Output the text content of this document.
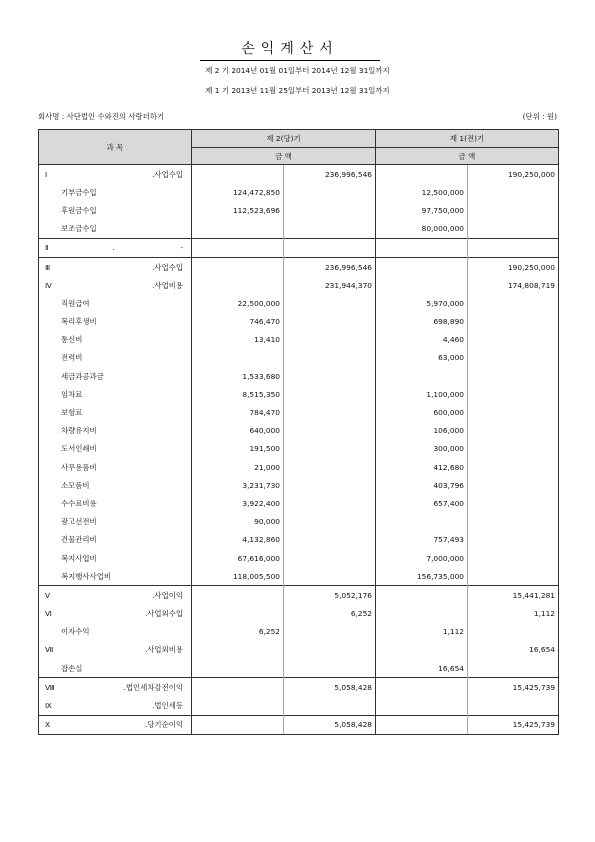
손익계산서
제 2 기 2014년 01월 01일부터 2014년 12월 31일까지
제 1 기 2013년 11월 25일부터 2013년 12월 31일까지
회사명 : 사단법인 수와진의 사랑더하기	(단위 : 원)
과 목	제 2(당)기		제 1(전)기	
	금 액		금 액	
Ⅰ.사업수입		236,996,546		190,250,000
기부금수입	124,472,850		12,500,000	
후원금수입	112,523,696		97,750,000	
보조금수입			80,000,000	
Ⅱ. -				
Ⅲ.사업수입		236,996,546		190,250,000
Ⅳ.사업비용		231,944,370		174,808,719
직원급여	22,500,000		5,970,000	
복리후생비	746,470		698,890	
통신비	13,410		4,460	
전력비			63,000	
세금과공과금	1,533,680			
임차료	8,515,350		1,100,000	
보험료	784,470		600,000	
차량유지비	640,000		106,000	
도서인쇄비	191,500		300,000	
사무용품비	21,000		412,680	
소모품비	3,231,730		403,796	
수수료비용	3,922,400		657,400	
광고선전비	90,000			
건물관리비	4,132,860		757,493	
복지사업비	67,616,000		7,000,000	
복지행사사업비	118,005,500		156,735,000	
Ⅴ.사업이익		5,052,176		15,441,281
Ⅵ.사업외수입		6,252		1,112
이자수익	6,252		1,112	
Ⅶ.사업외비용				16,654
잡손실			16,654	
Ⅷ.법인세차감전이익		5,058,428		15,425,739
Ⅸ.법인세등				
Ⅹ.당기순이익		5,058,428		15,425,739
